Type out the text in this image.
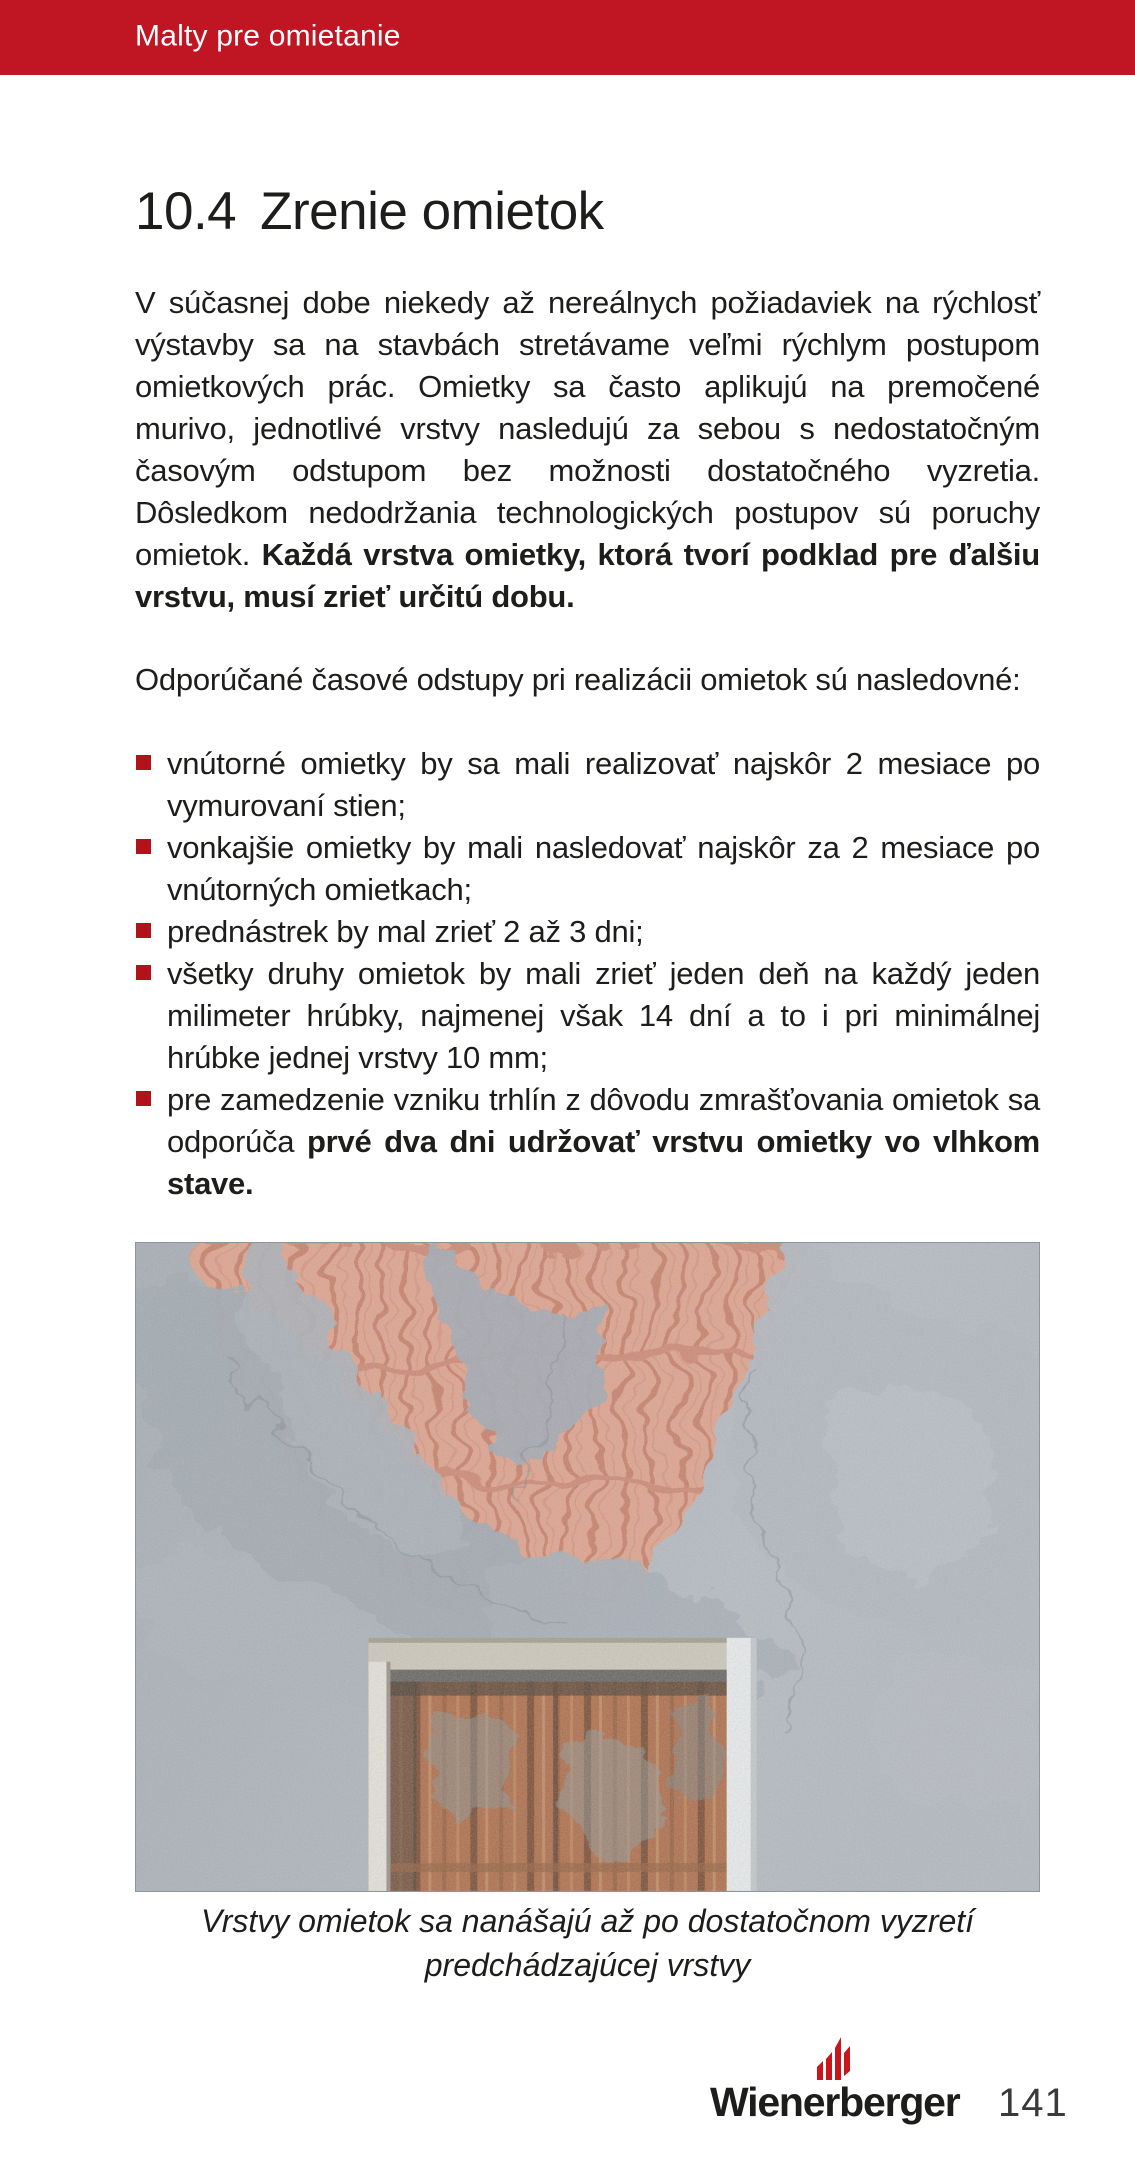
Malty pre omietanie
10.4 Zrenie omietok

V súčasnej dobe niekedy až nereálnych požiadaviek na rýchlosť výstavby sa na stavbách stretávame veľmi rýchlym postupom omietkových prác. Omietky sa často aplikujú na premočené murivo, jednotlivé vrstvy nasledujú za sebou s nedostatočným časovým odstupom bez možnosti dostatočného vyzretia. Dôsledkom nedodržania technologických postupov sú poruchy omietok. Každá vrstva omietky, ktorá tvorí podklad pre ďalšiu vrstvu, musí zrieť určitú dobu.

Odporúčané časové odstupy pri realizácii omietok sú nasledovné:

vnútorné omietky by sa mali realizovať najskôr 2 mesiace po vymurovaní stien;

vonkajšie omietky by mali nasledovať najskôr za 2 mesiace po vnútorných omietkach;

prednástrek by mal zrieť 2 až 3 dni;

všetky druhy omietok by mali zrieť jeden deň na každý jeden milimeter hrúbky, najmenej však 14 dní a to i pri minimálnej hrúbke jednej vrstvy 10 mm;

pre zamedzenie vzniku trhlín z dôvodu zmrašťovania omietok sa odporúča prvé dva dni udržovať vrstvu omietky vo vlhkom stave.

Vrstvy omietok sa nanášajú až po dostatočnom vyzretí predchádzajúcej vrstvy

Wienerberger 141
